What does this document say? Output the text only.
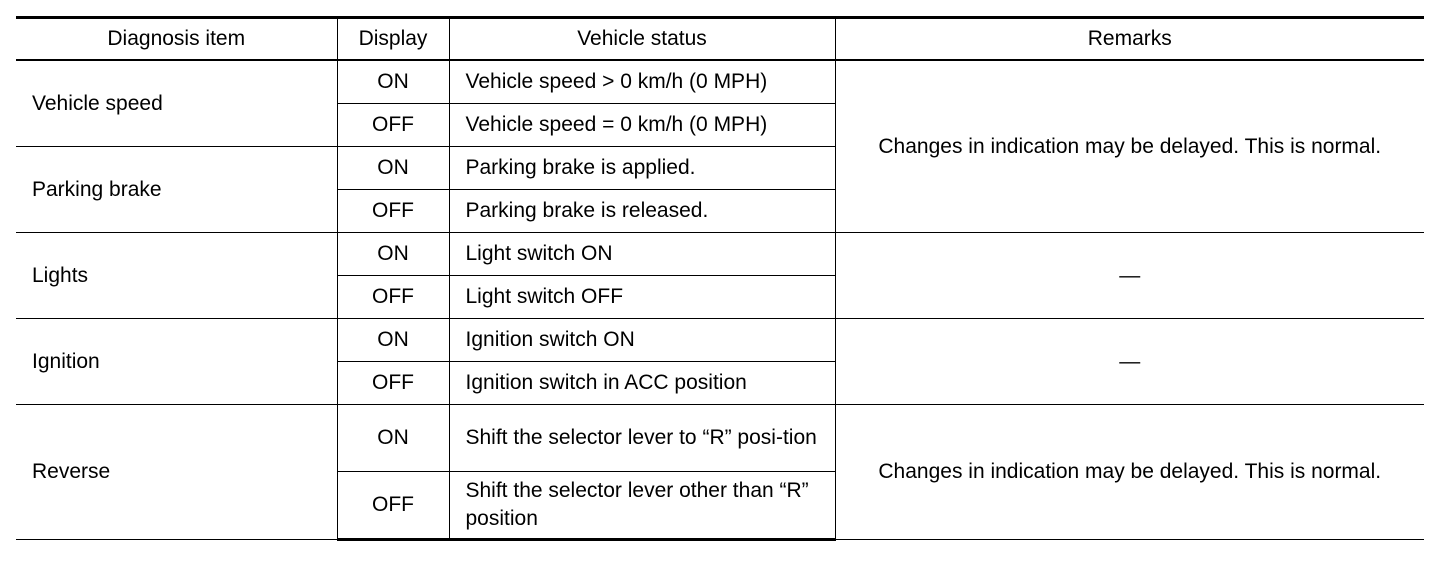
Diagnosis item	Display	Vehicle status	Remarks
Vehicle speed	ON	Vehicle speed > 0 km/h (0 MPH)	Changes in indication may be delayed. This is normal.
	OFF	Vehicle speed = 0 km/h (0 MPH)	
Parking brake	ON	Parking brake is applied.	
	OFF	Parking brake is released.	
Lights	ON	Light switch ON	—
	OFF	Light switch OFF	
Ignition	ON	Ignition switch ON	—
	OFF	Ignition switch in ACC position	
Reverse	ON	Shift the selector lever to “R” posi-tion	Changes in indication may be delayed. This is normal.
	OFF	Shift the selector lever other than “R” position	
